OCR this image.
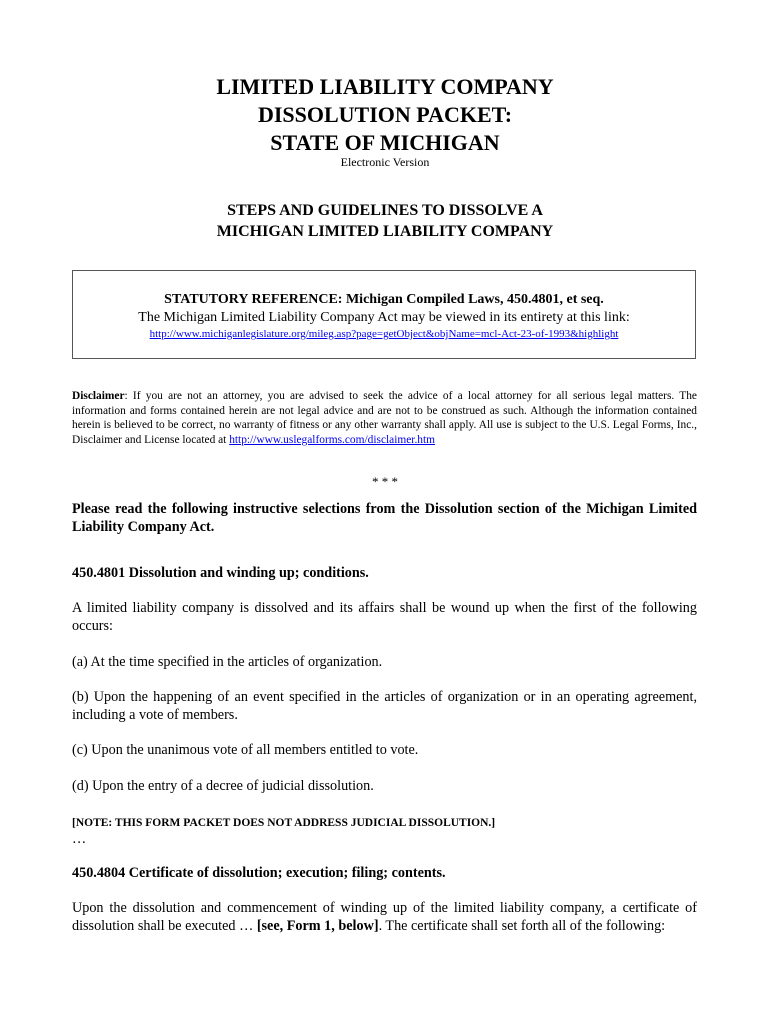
LIMITED LIABILITY COMPANY
DISSOLUTION PACKET:
STATE OF MICHIGAN
Electronic Version
STEPS AND GUIDELINES TO DISSOLVE A
MICHIGAN LIMITED LIABILITY COMPANY
STATUTORY REFERENCE: Michigan Compiled Laws, 450.4801, et seq.
The Michigan Limited Liability Company Act may be viewed in its entirety at this link:
http://www.michiganlegislature.org/mileg.asp?page=getObject&objName=mcl-Act-23-of-1993&highlight
Disclaimer: If you are not an attorney, you are advised to seek the advice of a local attorney for all serious legal matters. The information and forms contained herein are not legal advice and are not to be construed as such. Although the information contained herein is believed to be correct, no warranty of fitness or any other warranty shall apply. All use is subject to the U.S. Legal Forms, Inc., Disclaimer and License located at http://www.uslegalforms.com/disclaimer.htm
* * *
Please read the following instructive selections from the Dissolution section of the Michigan Limited Liability Company Act.
450.4801 Dissolution and winding up; conditions.
A limited liability company is dissolved and its affairs shall be wound up when the first of the following occurs:
(a) At the time specified in the articles of organization.
(b) Upon the happening of an event specified in the articles of organization or in an operating agreement, including a vote of members.
(c) Upon the unanimous vote of all members entitled to vote.
(d) Upon the entry of a decree of judicial dissolution.
[NOTE: THIS FORM PACKET DOES NOT ADDRESS JUDICIAL DISSOLUTION.]
…
450.4804 Certificate of dissolution; execution; filing; contents.
Upon the dissolution and commencement of winding up of the limited liability company, a certificate of dissolution shall be executed … [see, Form 1, below]. The certificate shall set forth all of the following:
